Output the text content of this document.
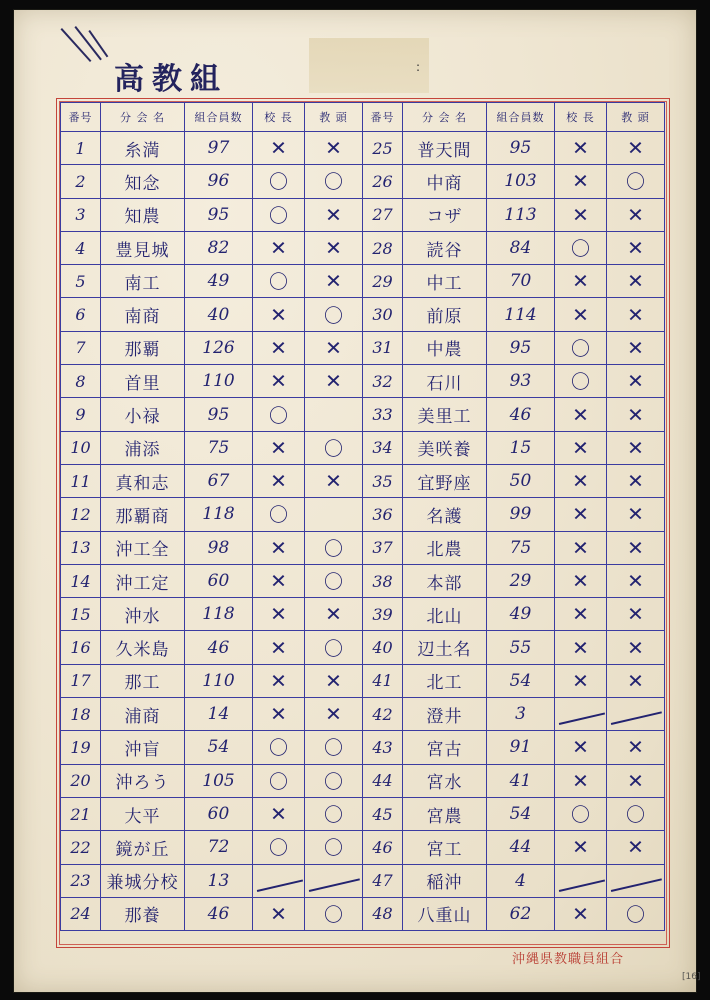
高教組	:
番号	分 会 名	組合員数	校 長	教 頭	番号	分 会 名	組合員数	校 長	教 頭
1	糸満	97	✕	✕	25	普天間	95	✕	✕
2	知念	96	〇	〇	26	中商	103	✕	〇
3	知農	95	〇	✕	27	コザ	113	✕	✕
4	豊見城	82	✕	✕	28	読谷	84	〇	✕
5	南工	49	〇	✕	29	中工	70	✕	✕
6	南商	40	✕	〇	30	前原	114	✕	✕
7	那覇	126	✕	✕	31	中農	95	〇	✕
8	首里	110	✕	✕	32	石川	93	〇	✕
9	小禄	95	〇		33	美里工	46	✕	✕
10	浦添	75	✕	〇	34	美咲養	15	✕	✕
11	真和志	67	✕	✕	35	宜野座	50	✕	✕
12	那覇商	118	〇		36	名護	99	✕	✕
13	沖工全	98	✕	〇	37	北農	75	✕	✕
14	沖工定	60	✕	〇	38	本部	29	✕	✕
15	沖水	118	✕	✕	39	北山	49	✕	✕
16	久米島	46	✕	〇	40	辺土名	55	✕	✕
17	那工	110	✕	✕	41	北工	54	✕	✕
18	浦商	14	✕	✕	42	澄井	3		
19	沖盲	54	〇	〇	43	宮古	91	✕	✕
20	沖ろう	105	〇	〇	44	宮水	41	✕	✕
21	大平	60	✕	〇	45	宮農	54	〇	〇
22	鏡が丘	72	〇	〇	46	宮工	44	✕	✕
23	兼城分校	13			47	稲沖	4		
24	那養	46	✕	〇	48	八重山	62	✕	〇
沖縄県教職員組合
[16]
